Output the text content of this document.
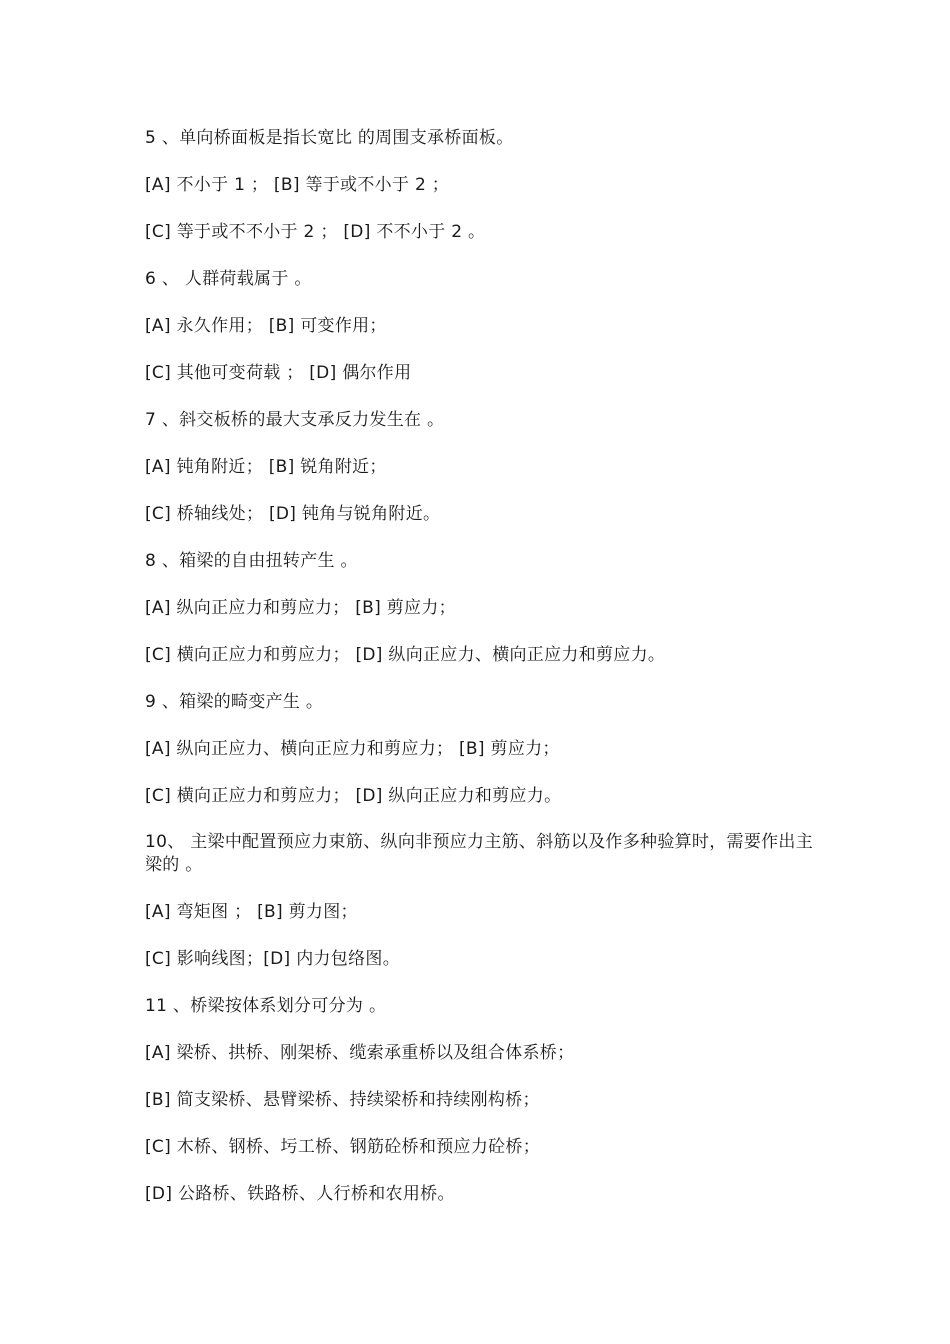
5 、单向桥面板是指长宽比 的周围支承桥面板。
[A] 不小于 1 ； [B] 等于或不小于 2 ；
[C] 等于或不不小于 2 ； [D] 不不小于 2 。
6 、 人群荷载属于 。
[A] 永久作用； [B] 可变作用；
[C] 其他可变荷载 ； [D] 偶尔作用
7 、斜交板桥的最大支承反力发生在 。
[A] 钝角附近； [B] 锐角附近；
[C] 桥轴线处； [D] 钝角与锐角附近。
8 、箱梁的自由扭转产生 。
[A] 纵向正应力和剪应力； [B] 剪应力；
[C] 横向正应力和剪应力； [D] 纵向正应力、横向正应力和剪应力。
9 、箱梁的畸变产生 。
[A] 纵向正应力、横向正应力和剪应力； [B] 剪应力；
[C] 横向正应力和剪应力； [D] 纵向正应力和剪应力。
10、 主梁中配置预应力束筋、纵向非预应力主筋、斜筋以及作多种验算时，需要作出主梁的 。
[A] 弯矩图 ； [B] 剪力图；
[C] 影响线图；[D] 内力包络图。
11 、桥梁按体系划分可分为 。
[A] 梁桥、拱桥、刚架桥、缆索承重桥以及组合体系桥；
[B] 简支梁桥、悬臂梁桥、持续梁桥和持续刚构桥；
[C] 木桥、钢桥、圬工桥、钢筋砼桥和预应力砼桥；
[D] 公路桥、铁路桥、人行桥和农用桥。
